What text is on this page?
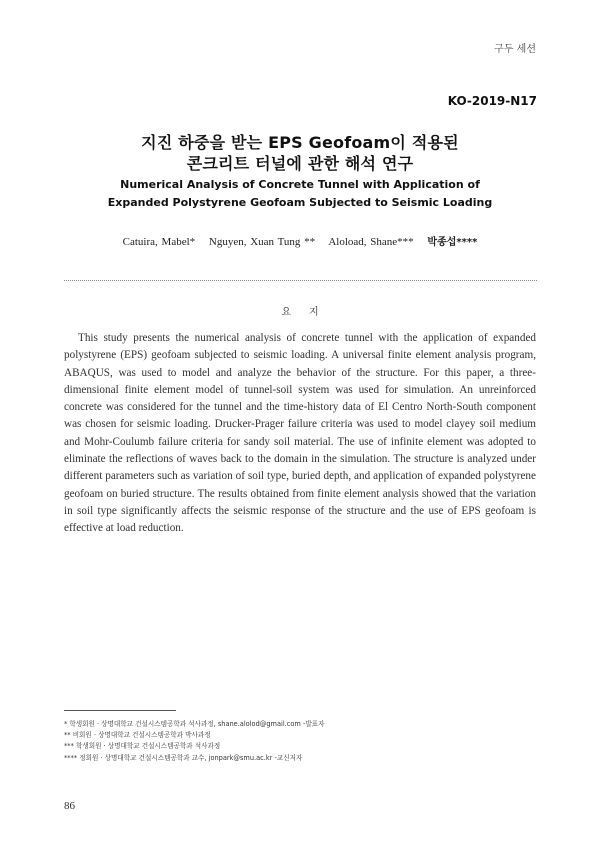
구두 세션
KO-2019-N17
지진 하중을 받는 EPS Geofoam이 적용된
콘크리트 터널에 관한 해석 연구
Numerical Analysis of Concrete Tunnel with Application of
Expanded Polystyrene Geofoam Subjected to Seismic Loading
Catuira, Mabel* Nguyen, Xuan Tung ** Aloload, Shane*** 박종섭****
요지
This study presents the numerical analysis of concrete tunnel with the application of expanded polystyrene (EPS) geofoam subjected to seismic loading. A universal finite element analysis program, ABAQUS, was used to model and analyze the behavior of the structure. For this paper, a three-dimensional finite element model of tunnel-soil system was used for simulation. An unreinforced concrete was considered for the tunnel and the time-history data of El Centro North-South component was chosen for seismic loading. Drucker-Prager failure criteria was used to model clayey soil medium and Mohr-Coulumb failure criteria for sandy soil material. The use of infinite element was adopted to eliminate the reflections of waves back to the domain in the simulation. The structure is analyzed under different parameters such as variation of soil type, buried depth, and application of expanded polystyrene geofoam on buried structure. The results obtained from finite element analysis showed that the variation in soil type significantly affects the seismic response of the structure and the use of EPS geofoam is effective at load reduction.
* 학생회원 · 상명대학교 건설시스템공학과 석사과정, shane.alolod@gmail.com -발표자
** 비회원 · 상명대학교 건설시스템공학과 박사과정
*** 학생회원 · 상명대학교 건설시스템공학과 석사과정
**** 정회원 · 상명대학교 건설시스템공학과 교수, jonpark@smu.ac.kr -교신저자
86
